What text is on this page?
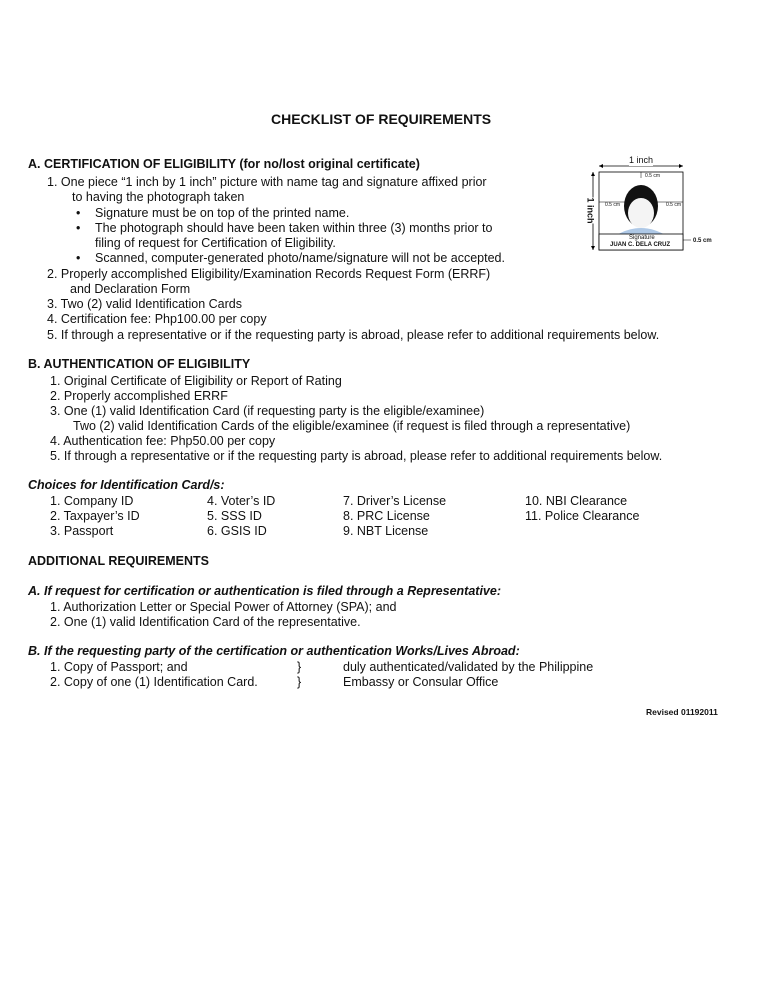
CHECKLIST OF REQUIREMENTS
A. CERTIFICATION OF ELIGIBILITY (for no/lost original certificate)
1. One piece “1 inch by 1 inch” picture with name tag and signature affixed prior
to having the photograph taken
• Signature must be on top of the printed name.
• The photograph should have been taken within three (3) months prior to
filing of request for Certification of Eligibility.
• Scanned, computer-generated photo/name/signature will not be accepted.
2. Properly accomplished Eligibility/Examination Records Request Form (ERRF)
and Declaration Form
3. Two (2) valid Identification Cards
4. Certification fee: Php100.00 per copy
5. If through a representative or if the requesting party is abroad, please refer to additional requirements below.
1 inch
1 inch
0.5 cm
0.5 cm	0.5 cm
Signature
JUAN C. DELA CRUZ
0.5 cm
B. AUTHENTICATION OF ELIGIBILITY
1. Original Certificate of Eligibility or Report of Rating
2. Properly accomplished ERRF
3. One (1) valid Identification Card (if requesting party is the eligible/examinee)
Two (2) valid Identification Cards of the eligible/examinee (if request is filed through a representative)
4. Authentication fee: Php50.00 per copy
5. If through a representative or if the requesting party is abroad, please refer to additional requirements below.
Choices for Identification Card/s:
1. Company ID
2. Taxpayer’s ID
3. Passport
4. Voter’s ID
5. SSS ID
6. GSIS ID
7. Driver’s License
8. PRC License
9. NBT License
10. NBI Clearance
11. Police Clearance
ADDITIONAL REQUIREMENTS
A. If request for certification or authentication is filed through a Representative:
1. Authorization Letter or Special Power of Attorney (SPA); and
2. One (1) valid Identification Card of the representative.
B. If the requesting party of the certification or authentication Works/Lives Abroad:
1. Copy of Passport; and
2. Copy of one (1) Identification Card.
}
}
duly authenticated/validated by the Philippine
Embassy or Consular Office
Revised 01192011
